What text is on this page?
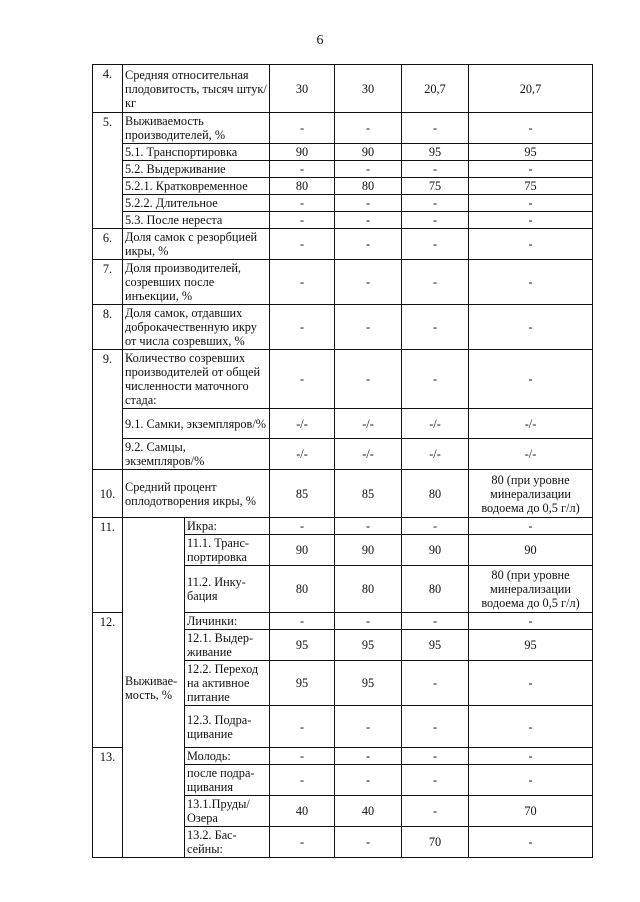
6
4.	Средняя относительная плодовитость, тысяч штук/кг		30	30	20,7	20,7
5.	Выживаемость производителей, %		-	-	-	-
	5.1. Транспортировка		90	90	95	95
	5.2. Выдерживание		-	-	-	-
	5.2.1. Кратковременное		80	80	75	75
	5.2.2. Длительное		-	-	-	-
	5.3. После нереста		-	-	-	-
6.	Доля самок с резорбцией икры, %		-	-	-	-
7.	Доля производителей, созревших после инъекции, %		-	-	-	-
8.	Доля самок, отдавших доброкачественную икру от числа созревших, %		-	-	-	-
9.	Количество созревших производителей от общей численности маточного стада:		-	-	-	-
	9.1. Самки, экземпляров/%		-/-	-/-	-/-	-/-
	9.2. Самцы, экземпляров/%		-/-	-/-	-/-	-/-
10.	Средний процент оплодотворения икры, %		85	85	80	80 (при уровне минерализации водоема до 0,5 г/л)
11.	Выживае-мость, %	Икра:	-	-	-	-
		11.1. Транс-портировка	90	90	90	90
		11.2. Инку-бация	80	80	80	80 (при уровне минерализации водоема до 0,5 г/л)
12.		Личинки:	-	-	-	-
		12.1. Выдер-живание	95	95	95	95
		12.2. Переход на активное питание	95	95	-	-
		12.3. Подра-щивание	-	-	-	-
13.		Молодь:	-	-	-	-
		после подра-щивания	-	-	-	-
		13.1.Пруды/ Озера	40	40	-	70
		13.2. Бас-сейны:	-	-	70	-
